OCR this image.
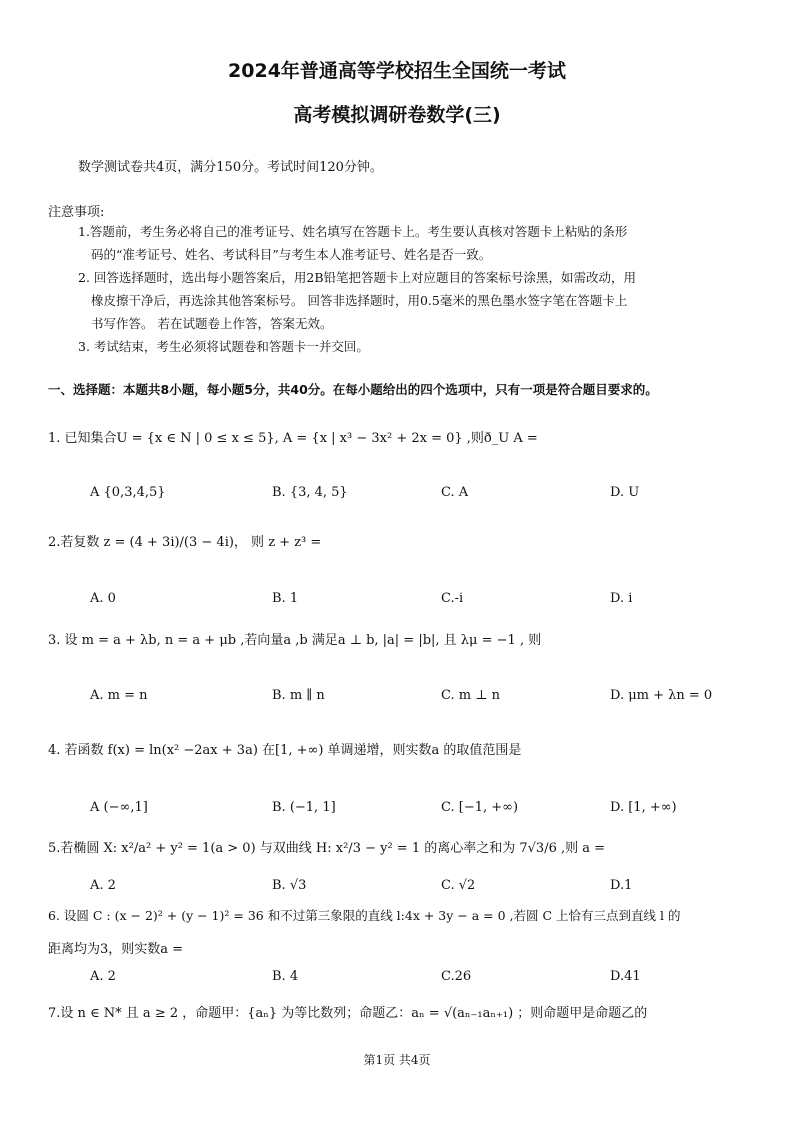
2024年普通高等学校招生全国统一考试
高考模拟调研卷数学(三)
数学测试卷共4页，满分150分。考试时间120分钟。
注意事项:
1.答题前，考生务必将自己的准考证号、姓名填写在答题卡上。考生要认真核对答题卡上粘贴的条形
码的“准考证号、姓名、考试科目”与考生本人准考证号、姓名是否一致。
2. 回答选择题时，选出每小题答案后，用2B铅笔把答题卡上对应题目的答案标号涂黑，如需改动，用
橡皮擦干净后，再选涂其他答案标号。 回答非选择题时，用0.5毫米的黑色墨水签字笔在答题卡上
书写作答。 若在试题卷上作答，答案无效。
3. 考试结束，考生必须将试题卷和答题卡一并交回。
一、选择题：本题共8小题，每小题5分，共40分。在每小题给出的四个选项中，只有一项是符合题目要求的。
1. 已知集合U = {x ∈ N | 0 ≤ x ≤ 5}, A = {x | x³ − 3x² + 2x = 0} ,则ð_U A =
A {0,3,4,5}	B. {3, 4, 5}	C. A	D. U
2.若复数 z = (4 + 3i)/(3 − 4i)， 则 z + z³ =
A. 0	B. 1	C.-i	D. i
3. 设 m = a + λb, n = a + μb ,若向量a ,b 满足a ⊥ b, |a| = |b|, 且 λμ = −1 , 则
A. m = n	B. m ∥ n	C. m ⊥ n	D. μm + λn = 0
4. 若函数 f(x) = ln(x² −2ax + 3a) 在[1, +∞) 单调递增，则实数a 的取值范围是
A (−∞,1]	B. (−1, 1]	C. [−1, +∞)	D. [1, +∞)
5.若椭圆 X: x²/a² + y² = 1(a > 0) 与双曲线 H: x²/3 − y² = 1 的离心率之和为 7√3/6 ,则 a =
A. 2	B. √3	C. √2	D.1
6. 设圆 C : (x − 2)² + (y − 1)² = 36 和不过第三象限的直线 l:4x + 3y − a = 0 ,若圆 C 上恰有三点到直线 l 的
距离均为3，则实数a =
A. 2	B. 4	C.26	D.41
7.设 n ∈ N* 且 a ≥ 2 ，命题甲：{aₙ} 为等比数列；命题乙：aₙ = √(aₙ₋₁aₙ₊₁) ；则命题甲是命题乙的
第1页 共4页
